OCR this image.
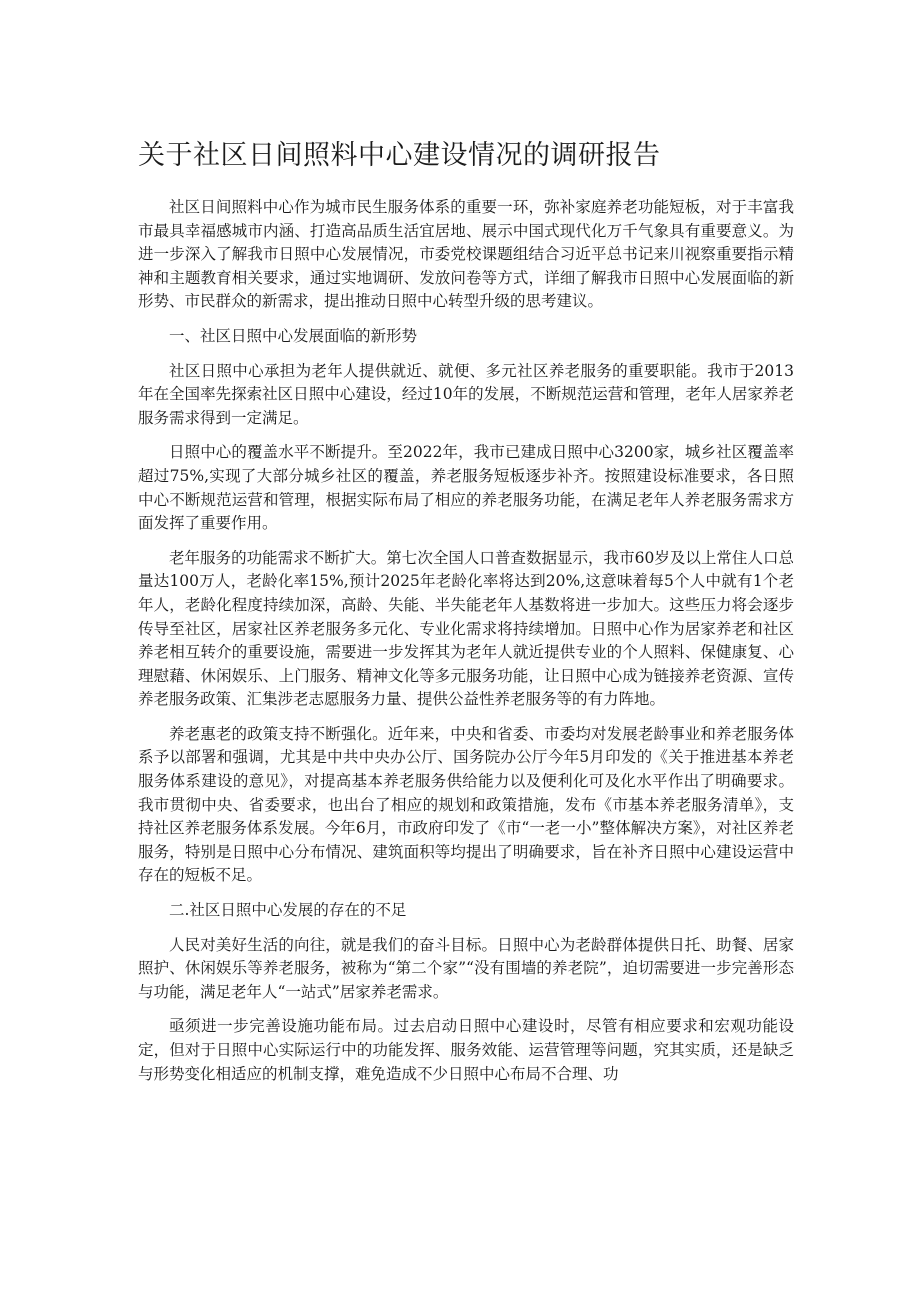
关于社区日间照料中心建设情况的调研报告

社区日间照料中心作为城市民生服务体系的重要一环，弥补家庭养老功能短板，对于丰富我市最具幸福感城市内涵、打造高品质生活宜居地、展示中国式现代化万千气象具有重要意义。为进一步深入了解我市日照中心发展情况，市委党校课题组结合习近平总书记来川视察重要指示精神和主题教育相关要求，通过实地调研、发放问卷等方式，详细了解我市日照中心发展面临的新形势、市民群众的新需求，提出推动日照中心转型升级的思考建议。

一、社区日照中心发展面临的新形势

社区日照中心承担为老年人提供就近、就便、多元社区养老服务的重要职能。我市于2013年在全国率先探索社区日照中心建设，经过10年的发展，不断规范运营和管理，老年人居家养老服务需求得到一定满足。

日照中心的覆盖水平不断提升。至2022年，我市已建成日照中心3200家，城乡社区覆盖率超过75%,实现了大部分城乡社区的覆盖，养老服务短板逐步补齐。按照建设标准要求，各日照中心不断规范运营和管理，根据实际布局了相应的养老服务功能，在满足老年人养老服务需求方面发挥了重要作用。

老年服务的功能需求不断扩大。第七次全国人口普查数据显示，我市60岁及以上常住人口总量达100万人，老龄化率15%,预计2025年老龄化率将达到20%,这意味着每5个人中就有1个老年人，老龄化程度持续加深，高龄、失能、半失能老年人基数将进一步加大。这些压力将会逐步传导至社区，居家社区养老服务多元化、专业化需求将持续增加。日照中心作为居家养老和社区养老相互转介的重要设施，需要进一步发挥其为老年人就近提供专业的个人照料、保健康复、心理慰藉、休闲娱乐、上门服务、精神文化等多元服务功能，让日照中心成为链接养老资源、宣传养老服务政策、汇集涉老志愿服务力量、提供公益性养老服务等的有力阵地。

养老惠老的政策支持不断强化。近年来，中央和省委、市委均对发展老龄事业和养老服务体系予以部署和强调，尤其是中共中央办公厅、国务院办公厅今年5月印发的《关于推进基本养老服务体系建设的意见》，对提高基本养老服务供给能力以及便利化可及化水平作出了明确要求。我市贯彻中央、省委要求，也出台了相应的规划和政策措施，发布《市基本养老服务清单》，支持社区养老服务体系发展。今年6月，市政府印发了《市“一老一小”整体解决方案》，对社区养老服务，特别是日照中心分布情况、建筑面积等均提出了明确要求，旨在补齐日照中心建设运营中存在的短板不足。

二.社区日照中心发展的存在的不足

人民对美好生活的向往，就是我们的奋斗目标。日照中心为老龄群体提供日托、助餐、居家照护、休闲娱乐等养老服务，被称为“第二个家”“没有围墙的养老院”，迫切需要进一步完善形态与功能，满足老年人“一站式”居家养老需求。

亟须进一步完善设施功能布局。过去启动日照中心建设时，尽管有相应要求和宏观功能设定，但对于日照中心实际运行中的功能发挥、服务效能、运营管理等问题，究其实质，还是缺乏与形势变化相适应的机制支撑，难免造成不少日照中心布局不合理、功
